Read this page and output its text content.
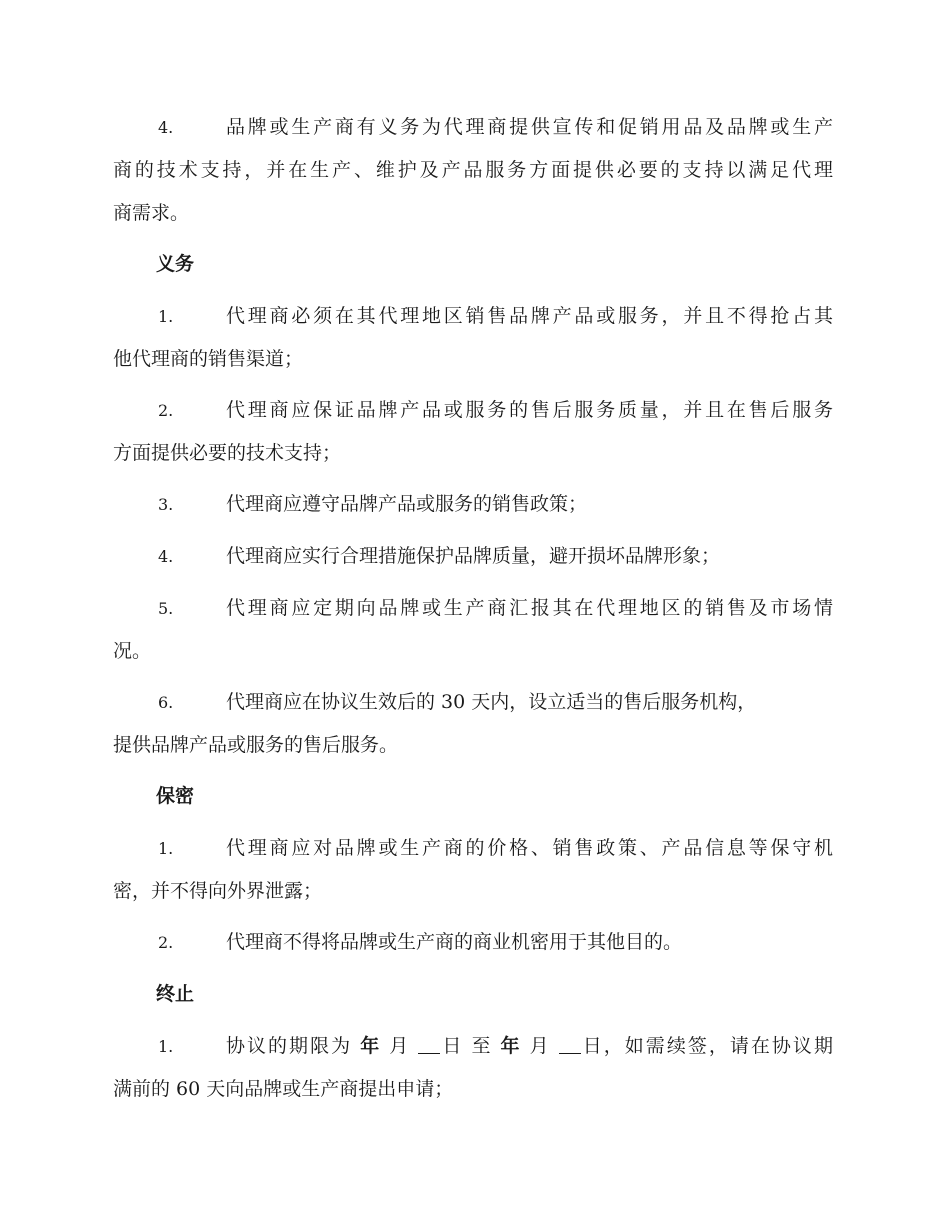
4.	品牌或生产商有义务为代理商提供宣传和促销用品及品牌或生产
商的技术支持，并在生产、维护及产品服务方面提供必要的支持以满足代理
商需求。
义务
1.	代理商必须在其代理地区销售品牌产品或服务，并且不得抢占其
他代理商的销售渠道；
2.	代理商应保证品牌产品或服务的售后服务质量，并且在售后服务
方面提供必要的技术支持；
3.	代理商应遵守品牌产品或服务的销售政策；
4.	代理商应实行合理措施保护品牌质量，避开损坏品牌形象；
5.	代理商应定期向品牌或生产商汇报其在代理地区的销售及市场情
况。
6.	代理商应在协议生效后的 30 天内，设立适当的售后服务机构，
提供品牌产品或服务的售后服务。
保密
1.	代理商应对品牌或生产商的价格、销售政策、产品信息等保守机
密，并不得向外界泄露；
2.	代理商不得将品牌或生产商的商业机密用于其他目的。
终止
1.	协议的期限为 年 月 日 至 年 月 日，如需续签，请在协议期
满前的 60 天向品牌或生产商提出申请；
